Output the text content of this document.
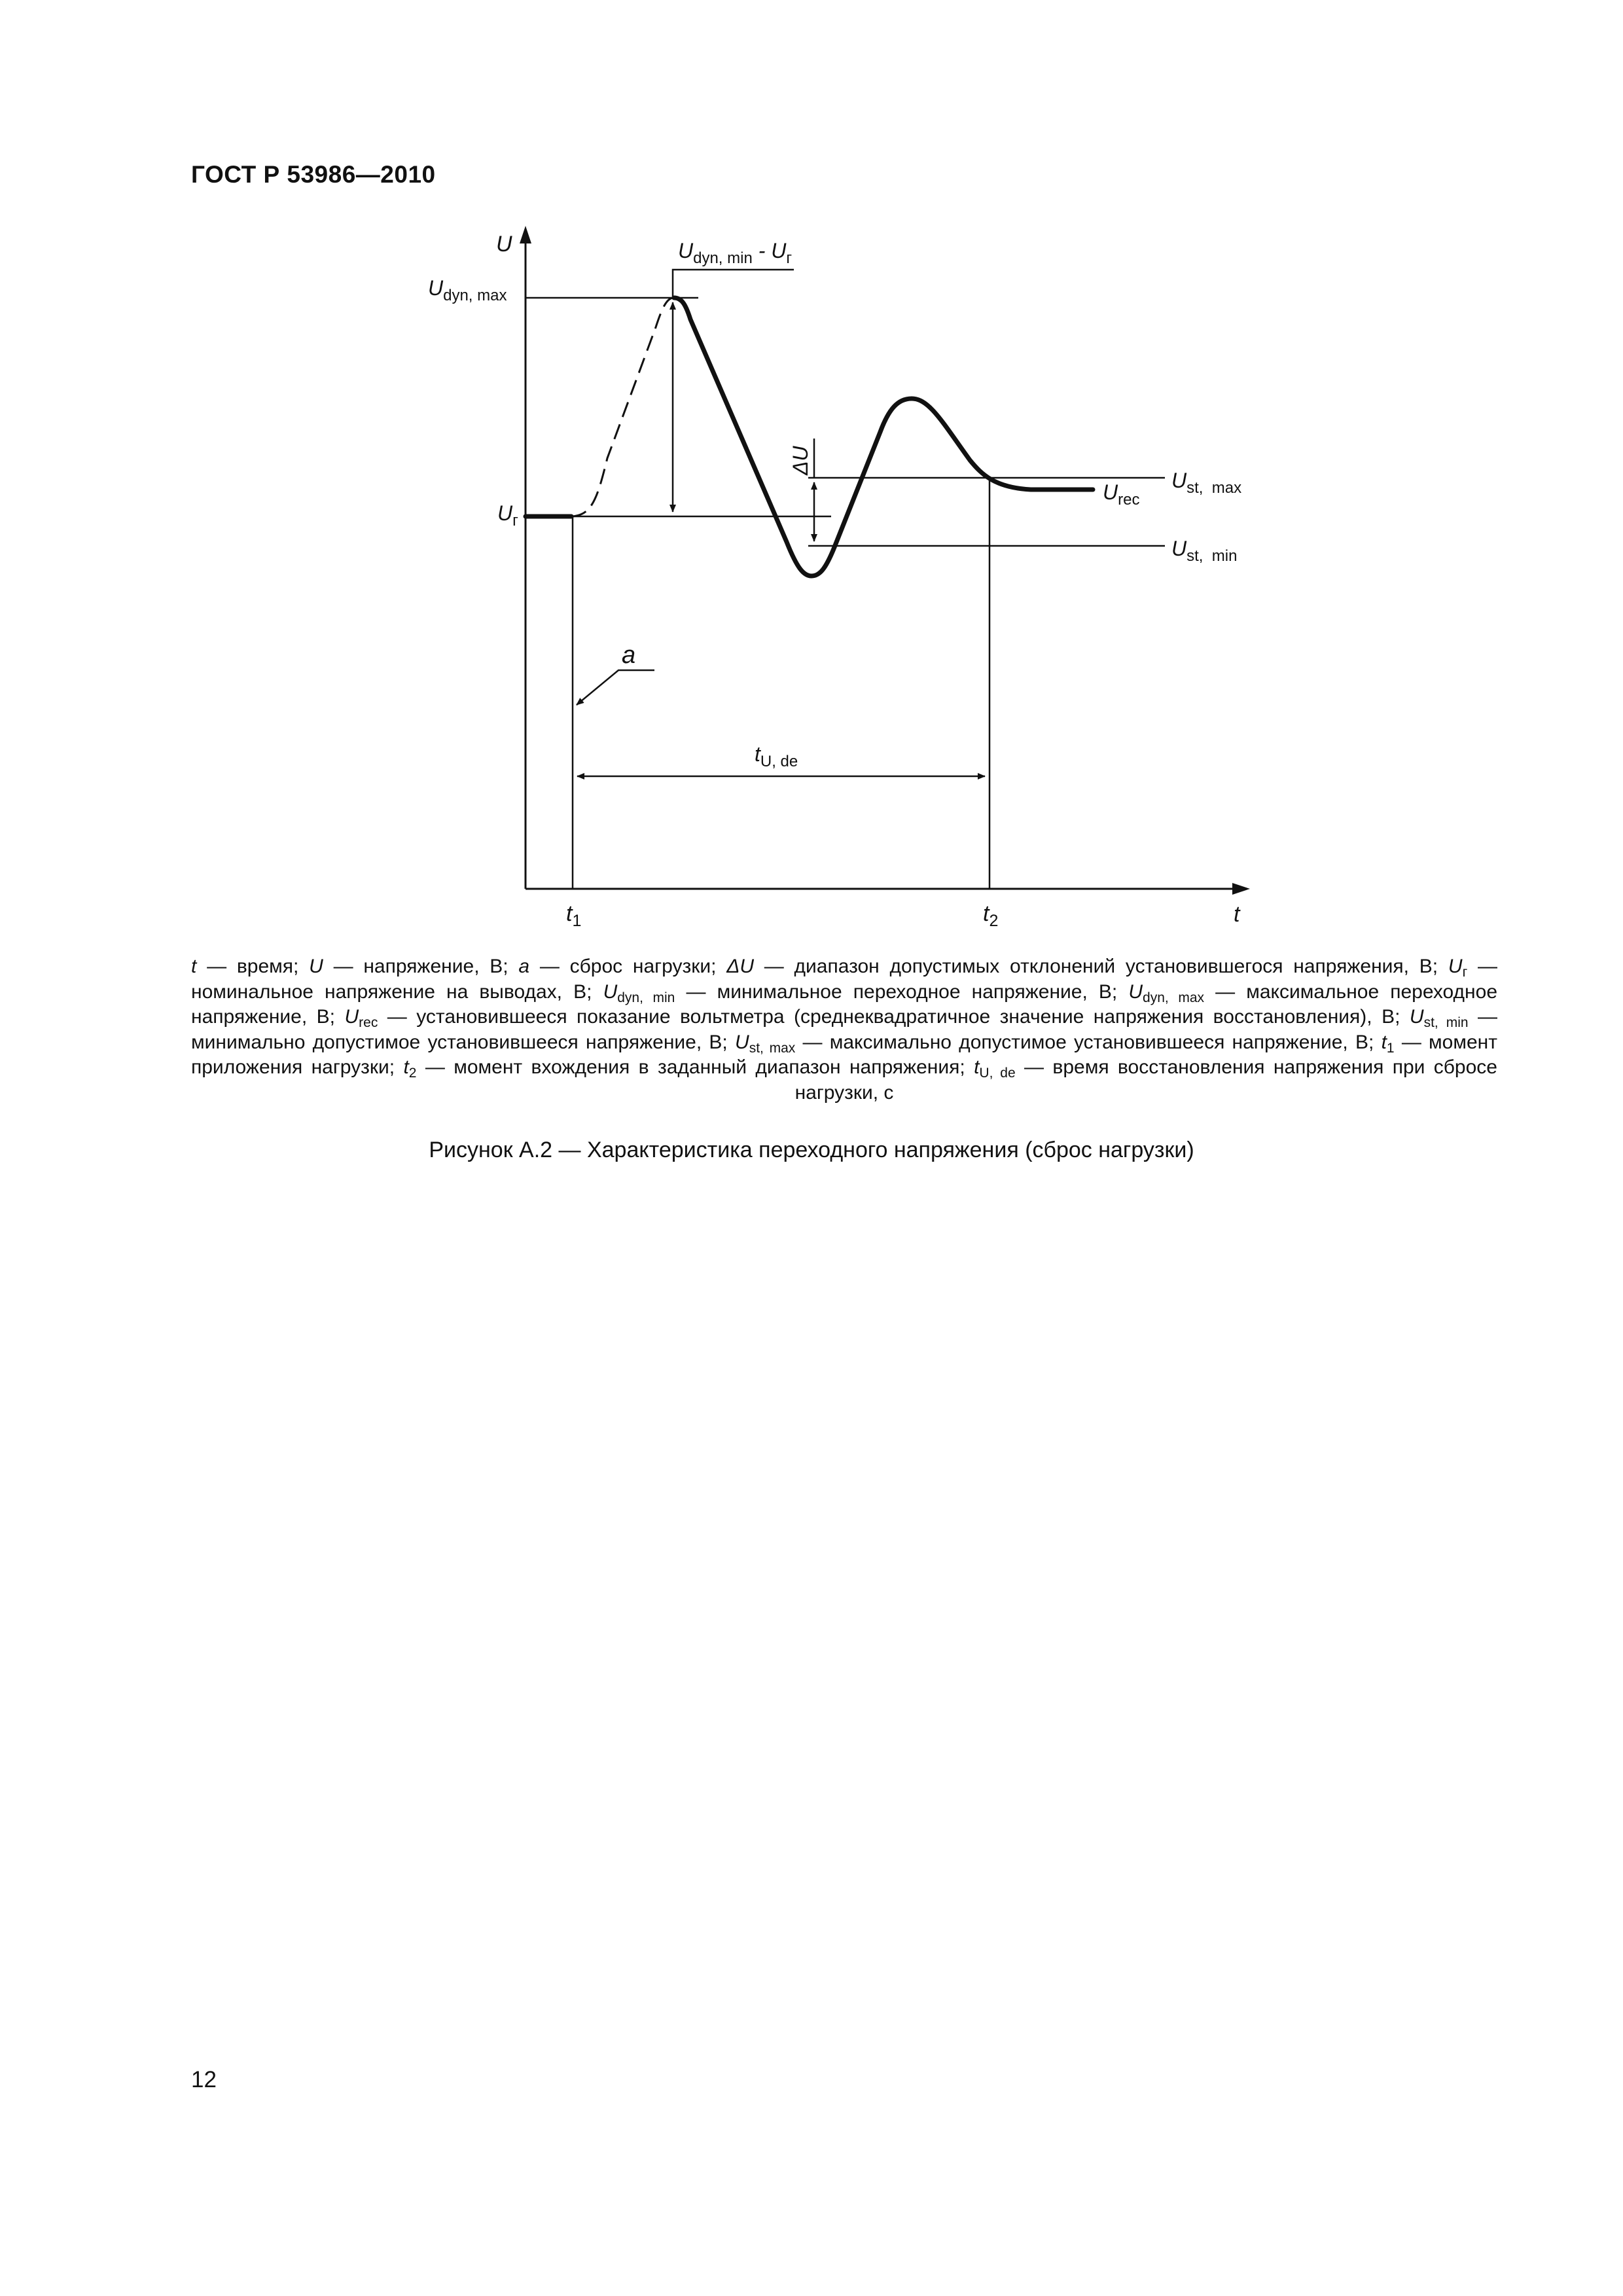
ГОСТ Р 53986—2010
U
t
$U_{dyn, max}$
$U_{dyn, min} - U_г$
ΔU
$U_г$
$U_{st, max}$
$U_{st, min}$
$U_{rec}$
a
$t_{U, de}$
$t_1$	$t_2$
t — время; U — напряжение, В; a — сброс нагрузки; ΔU — диапазон допустимых отклонений установившегося напряжения, В; $U_г$ — номинальное напряжение на выводах, В; $U_{dyn, min}$ — минимальное переходное напряжение, В; $U_{dyn, max}$ — максимальное переходное напряжение, В; $U_{rec}$ — установившееся показание вольтметра (среднеквадратичное значение напряжения восстановления), В; $U_{st, min}$ — минимально допустимое установившееся напряжение, В; $U_{st, max}$ — максимально допустимое установившееся напряжение, В; $t_1$ — момент приложения нагрузки; $t_2$ — момент вхождения в заданный диапазон напряжения; $t_{U, de}$ — время восстановления напряжения при сбросе нагрузки, с
Рисунок А.2 — Характеристика переходного напряжения (сброс нагрузки)
12
